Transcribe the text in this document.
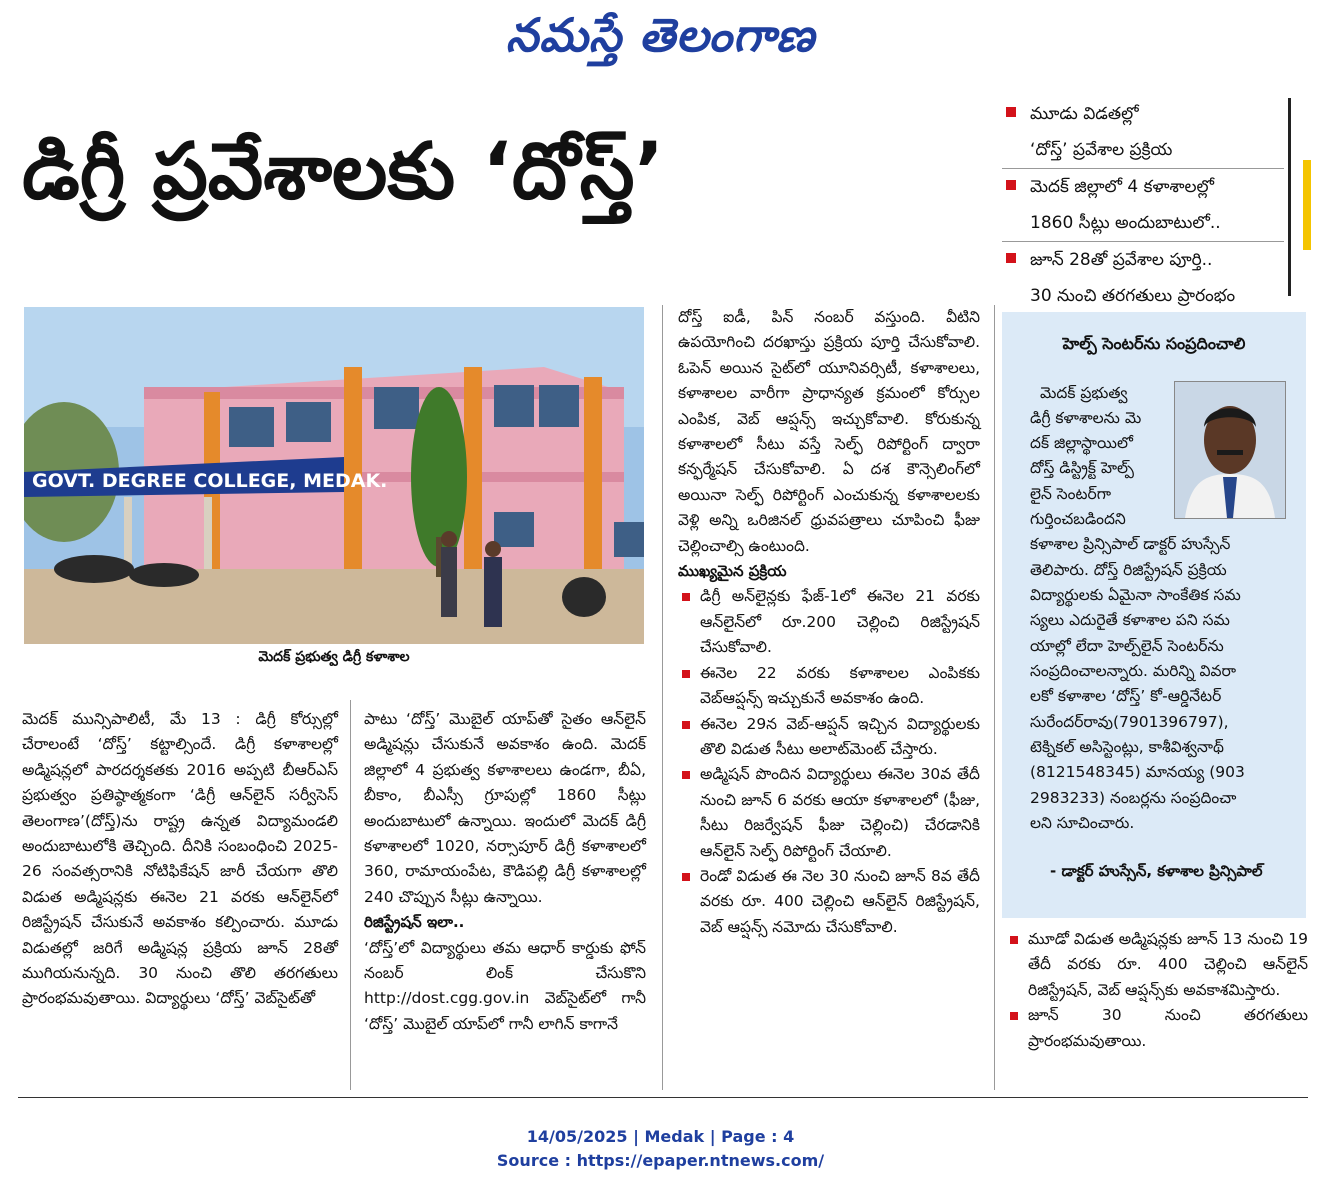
నమస్తే తెలంగాణ
డిగ్రీ ప్రవేశాలకు ‘దోస్త్’
మూడు విడతల్లో
‘దోస్త్’ ప్రవేశాల ప్రక్రియ
మెదక్ జిల్లాలో 4 కళాశాలల్లో
1860 సీట్లు అందుబాటులో..
జూన్ 28తో ప్రవేశాల పూర్తి..
30 నుంచి తరగతులు ప్రారంభం
GOVT. DEGREE COLLEGE, MEDAK.
మెదక్ ప్రభుత్వ డిగ్రీ కళాశాల

మెదక్ మున్సిపాలిటీ, మే 13 : డిగ్రీ కోర్సుల్లో చేరాలంటే ‘దోస్త్’ కట్టాల్సిందే. డిగ్రీ కళాశాలల్లో అడ్మిషన్లలో పారదర్శకతకు 2016 అప్పటి బీఆర్‌ఎస్ ప్రభుత్వం ప్రతిష్ఠాత్మకంగా ‘డిగ్రీ ఆన్‌లైన్ సర్వీసెస్ తెలంగాణ’(దోస్త్)ను రాష్ట్ర ఉన్నత విద్యామండలి అందుబాటులోకి తెచ్చింది. దీనికి సంబంధించి 2025-26 సంవత్సరానికి నోటిఫికేషన్ జారీ చేయగా తొలి విడుత అడ్మిషన్లకు ఈనెల 21 వరకు ఆన్‌లైన్‌లో రిజిస్ట్రేషన్ చేసుకునే అవకాశం కల్పించారు. మూడు విడుతల్లో జరిగే అడ్మిషన్ల ప్రక్రియ జూన్ 28తో ముగియనున్నది. 30 నుంచి తొలి తరగతులు ప్రారంభమవుతాయి. విద్యార్థులు ‘దోస్త్’ వెబ్‌సైట్‌తో

పాటు ‘దోస్త్’ మొబైల్ యాప్‌తో సైతం ఆన్‌లైన్ అడ్మిషన్లు చేసుకునే అవకాశం ఉంది. మెదక్ జిల్లాలో 4 ప్రభుత్వ కళాశాలలు ఉండగా, బీఏ, బీకాం, బీఎస్సీ గ్రూపుల్లో 1860 సీట్లు అందుబాటులో ఉన్నాయి. ఇందులో మెదక్ డిగ్రీ కళాశాలలో 1020, నర్సాపూర్ డిగ్రీ కళాశాలలో 360, రామాయంపేట, కౌడిపల్లి డిగ్రీ కళాశాలల్లో 240 చొప్పున సీట్లు ఉన్నాయి.

రిజిస్ట్రేషన్ ఇలా..

‘దోస్త్’లో విద్యార్థులు తమ ఆధార్ కార్డుకు ఫోన్ నంబర్ లింక్ చేసుకొని http://dost.cgg.gov.in వెబ్‌సైట్‌లో గానీ ‘దోస్త్’ మొబైల్ యాప్‌లో గానీ లాగిన్ కాగానే

దోస్త్ ఐడీ, పిన్ నంబర్ వస్తుంది. వీటిని ఉపయోగించి దరఖాస్తు ప్రక్రియ పూర్తి చేసుకోవాలి. ఓపెన్ అయిన సైట్‌లో యూనివర్సిటీ, కళాశాలలు, కళాశాలల వారీగా ప్రాధాన్యత క్రమంలో కోర్సుల ఎంపిక, వెబ్ ఆప్షన్స్ ఇచ్చుకోవాలి. కోరుకున్న కళాశాలలో సీటు వస్తే సెల్ఫ్ రిపోర్టింగ్ ద్వారా కన్ఫర్మేషన్ చేసుకోవాలి. ఏ దశ కౌన్సెలింగ్‌లో అయినా సెల్ఫ్ రిపోర్టింగ్ ఎంచుకున్న కళాశాలలకు వెళ్లి అన్ని ఒరిజినల్ ధ్రువపత్రాలు చూపించి ఫీజు చెల్లించాల్సి ఉంటుంది.

ముఖ్యమైన ప్రక్రియ

డిగ్రీ అన్‌లైన్లకు ఫేజ్-1లో ఈనెల 21 వరకు ఆన్‌లైన్‌లో రూ.200 చెల్లించి రిజిస్ట్రేషన్ చేసుకోవాలి.
ఈనెల 22 వరకు కళాశాలల ఎంపికకు వెబ్‌ఆప్షన్స్ ఇచ్చుకునే అవకాశం ఉంది.
ఈనెల 29న వెబ్-ఆప్షన్ ఇచ్చిన విద్యార్థులకు తొలి విడుత సీటు అలాట్‌మెంట్ చేస్తారు.
అడ్మిషన్ పొందిన విద్యార్థులు ఈనెల 30వ తేదీ నుంచి జూన్ 6 వరకు ఆయా కళాశాలలో (ఫీజు, సీటు రిజర్వేషన్ ఫీజు చెల్లించి) చేరడానికి ఆన్‌లైన్ సెల్ఫ్ రిపోర్టింగ్ చేయాలి.
రెండో విడుత ఈ నెల 30 నుంచి జూన్ 8వ తేదీ వరకు రూ. 400 చెల్లించి ఆన్‌లైన్ రిజిస్ట్రేషన్, వెబ్ ఆప్షన్స్ నమోదు చేసుకోవాలి.
హెల్ప్ సెంటర్‌ను సంప్రదించాలి
మెదక్ ప్రభుత్వ
డిగ్రీ కళాశాలను మె
దక్ జిల్లాస్థాయిలో
దోస్త్ డిస్ట్రిక్ట్ హెల్ప్
లైన్ సెంటర్‌గా
గుర్తించబడిందని
కళాశాల ప్రిన్సిపాల్ డాక్టర్ హుస్సేన్
తెలిపారు. దోస్త్ రిజిస్ట్రేషన్ ప్రక్రియ
విద్యార్థులకు ఏమైనా సాంకేతిక సమ
స్యలు ఎదురైతే కళాశాల పని సమ
యాల్లో లేదా హెల్ప్‌లైన్ సెంటర్‌ను
సంప్రదించాలన్నారు. మరిన్ని వివరా
లకో కళాశాల ‘దోస్త్’ కో-ఆర్డినేటర్
సురేందర్‌రావు(7901396797),
టెక్నికల్ అసిస్టెంట్లు, కాశీవిశ్వనాథ్
(8121548345) మానయ్య (903
2983233) నంబర్లను సంప్రదించా
లని సూచించారు.
- డాక్టర్ హుస్సేన్, కళాశాల ప్రిన్సిపాల్
మూడో విడుత అడ్మిషన్లకు జూన్ 13 నుంచి 19 తేదీ వరకు రూ. 400 చెల్లించి ఆన్‌లైన్ రిజిస్ట్రేషన్, వెబ్ ఆప్షన్స్‌కు అవకాశమిస్తారు.
జూన్ 30 నుంచి తరగతులు ప్రారంభమవుతాయి.
14/05/2025 | Medak | Page : 4
Source : https://epaper.ntnews.com/
